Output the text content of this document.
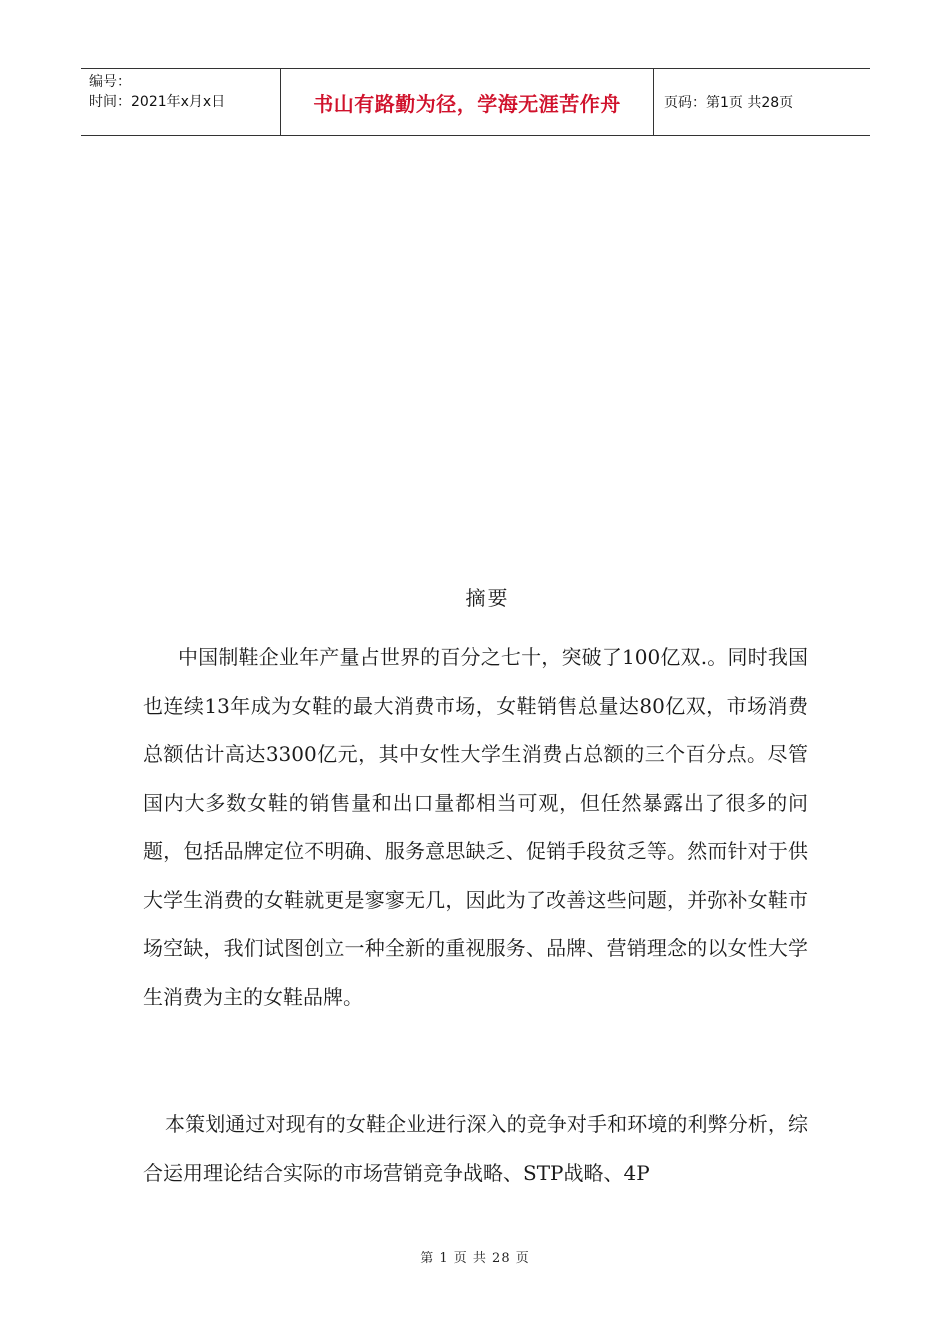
编号：
时间：2021年x月x日	书山有路勤为径，学海无涯苦作舟	页码：第1页 共28页
摘要

中国制鞋企业年产量占世界的百分之七十，突破了100亿双.。同时我国也连续13年成为女鞋的最大消费市场，女鞋销售总量达80亿双，市场消费总额估计高达3300亿元，其中女性大学生消费占总额的三个百分点。尽管国内大多数女鞋的销售量和出口量都相当可观，但任然暴露出了很多的问题，包括品牌定位不明确、服务意思缺乏、促销手段贫乏等。然而针对于供大学生消费的女鞋就更是寥寥无几，因此为了改善这些问题，并弥补女鞋市场空缺，我们试图创立一种全新的重视服务、品牌、营销理念的以女性大学生消费为主的女鞋品牌。

本策划通过对现有的女鞋企业进行深入的竞争对手和环境的利弊分析，综合运用理论结合实际的市场营销竞争战略、STP战略、4P

第 1 页 共 28 页
